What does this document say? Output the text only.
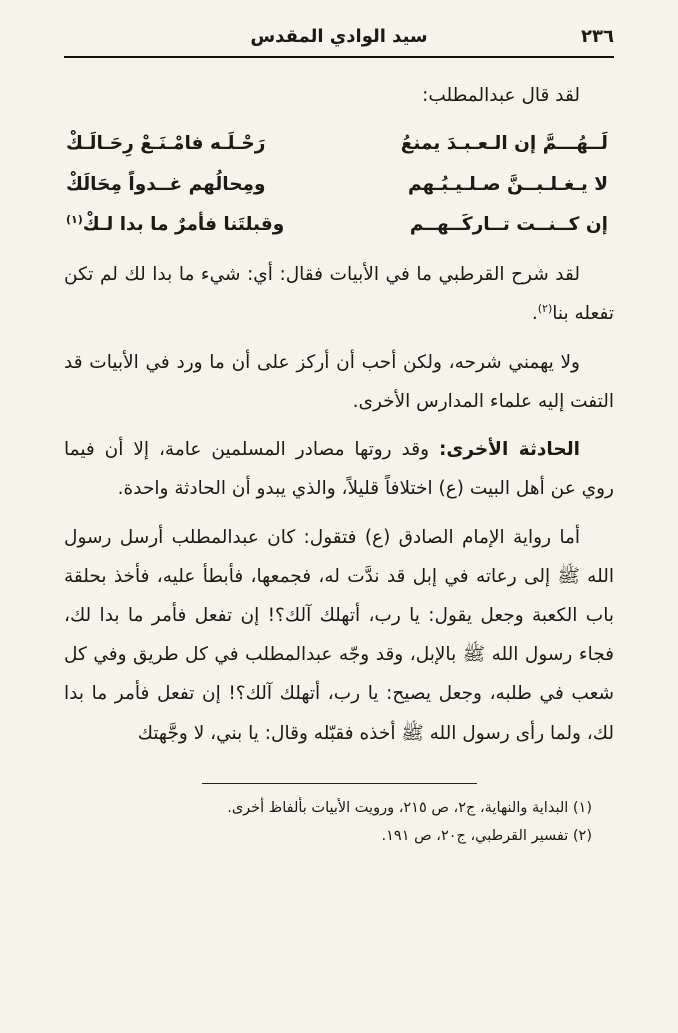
٢٣٦
سيد الوادي المقدس

لقد قال عبدالمطلب:

لَــهُـــمَّ إن الـعـبـدَ يمنعُ
رَحْـلَـه فامْـنَـعْ رِحَـالَـكْ
لا يـغـلـبــنَّ صـلـيـبُـهم
ومِحالُهم غــدواً مِحَالَكْ
إن كــنــت تــاركَــهــم
وقبلتَنا فأمرٌ ما بدا لـكْ$^{(١)}$

لقد شرح القرطبي ما في الأبيات فقال: أي: شيء ما بدا لك لم تكن تفعله بنا$^{(٢)}$.

ولا يهمني شرحه، ولكن أحب أن أركز على أن ما ورد في الأبيات قد التفت إليه علماء المدارس الأخرى.

الحادثة الأخرى: وقد روتها مصادر المسلمين عامة، إلا أن فيما روي عن أهل البيت (ع) اختلافاً قليلاً، والذي يبدو أن الحادثة واحدة.

أما رواية الإمام الصادق (ع) فتقول: كان عبدالمطلب أرسل رسول الله ﷺ إلى رعاته في إبل قد ندَّت له، فجمعها، فأبطأ عليه، فأخذ بحلقة باب الكعبة وجعل يقول: يا رب، أتهلك آلك؟! إن تفعل فأمر ما بدا لك، فجاء رسول الله ﷺ بالإبل، وقد وجّه عبدالمطلب في كل طريق وفي كل شعب في طلبه، وجعل يصيح: يا رب، أتهلك آلك؟! إن تفعل فأمر ما بدا لك، ولما رأى رسول الله ﷺ أخذه فقبّله وقال: يا بني، لا وجَّهتك

(١) البداية والنهاية، ج٢، ص ٢١٥، ورويت الأبيات بألفاظ أخرى.
(٢) تفسير القرطبي، ج٢٠، ص ١٩١.
